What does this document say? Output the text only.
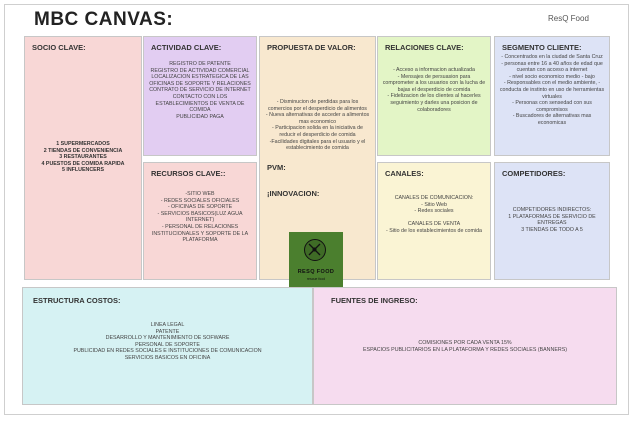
MBC CANVAS:	ResQ Food
SOCIO CLAVE:
1 SUPERMERCADOS
2 TIENDAS DE CONVENIENCIA
3 RESTAURANTES
4 PUESTOS DE COMIDA RAPIDA
5 INFLUENCERS
ACTIVIDAD CLAVE:
REGISTRO DE PATENTE
REGISTRO DE ACTIVIDAD COMERCIAL
LOCALIZACION ESTRATEGICA DE LAS OFICINAS DE SOPORTE Y RELACIONES
CONTRATO DE SERVICIO DE INTERNET
CONTACTO CON LOS ESTABLECIMIENTOS DE VENTA DE COMIDA
PUBLICIDAD PAGA
RECURSOS CLAVE::
-SITIO WEB
- REDES SOCIALES OFICIALES
- OFICINAS DE SOPORTE
- SERVICIOS BASICOS(LUZ AGUA INTERNET)
- PERSONAL DE RELACIONES INSTITUCIONALES Y SOPORTE DE LA PLATAFORMA
PROPUESTA DE VALOR:
- Disminucion de perdidas para los comercios por el desperdicio de alimentos
- Nueva alternativas de acceder a alimentos mas economico
- Participacion solida en la iniciativa de reducir el desperdicio de comida
-Facilidades digitales para el usuario y el establecimiento de comida
PVM:
¡INNOVACION:
RELACIONES CLAVE:
- Acceso a informacion actualizada
- Mensajes de persuasion para comprometer a los usuarios con la lucha de bajas el desperdicio de comida
- Fidelizacion de los clientes al hacerles seguimiento y darles una posicion de colaboradores
CANALES:
CANALES DE COMUNICACION:
- Sitio Web
- Redes sociales

CANALES DE VENTA
- Sitio de los establecimientos de comida
SEGMENTO CLIENTE:
- Concentrados en la ciudad de Santa Cruz
- personas entre 16 a 40 años de edad que cuentan con acceso a internet
- nivel socio economico medio - bajo
- Responsables con el medio ambiente, -conducta de instinto en uso de herramientas virtuales
- Personas con sensedad con sus compromisos
- Buscadores de alternativas mas economicas
COMPETIDORES:
COMPETIDORES INDIRECTOS:
1 PLATAFORMAS DE SERVICIO DE ENTREGAS
3 TIENDAS DE TODO A 5
RESQ FOOD
rescue food
ESTRUCTURA COSTOS:
LINEA LEGAL
PATENTE
DESARROLLO Y MANTENIMIENTO DE SOFWARE
PERSONAL DE SOPORTE
PUBLICIDAD EN REDES SOCIALES E INSTITUCIONES DE COMUNICACION
SERVICIOS BASICOS EN OFICINA
FUENTES DE INGRESO:
COMISIONES POR CADA VENTA 15%
ESPACIOS PUBLICITARIOS EN LA PLATAFORMA Y REDES SOCIALES (BANNERS)
